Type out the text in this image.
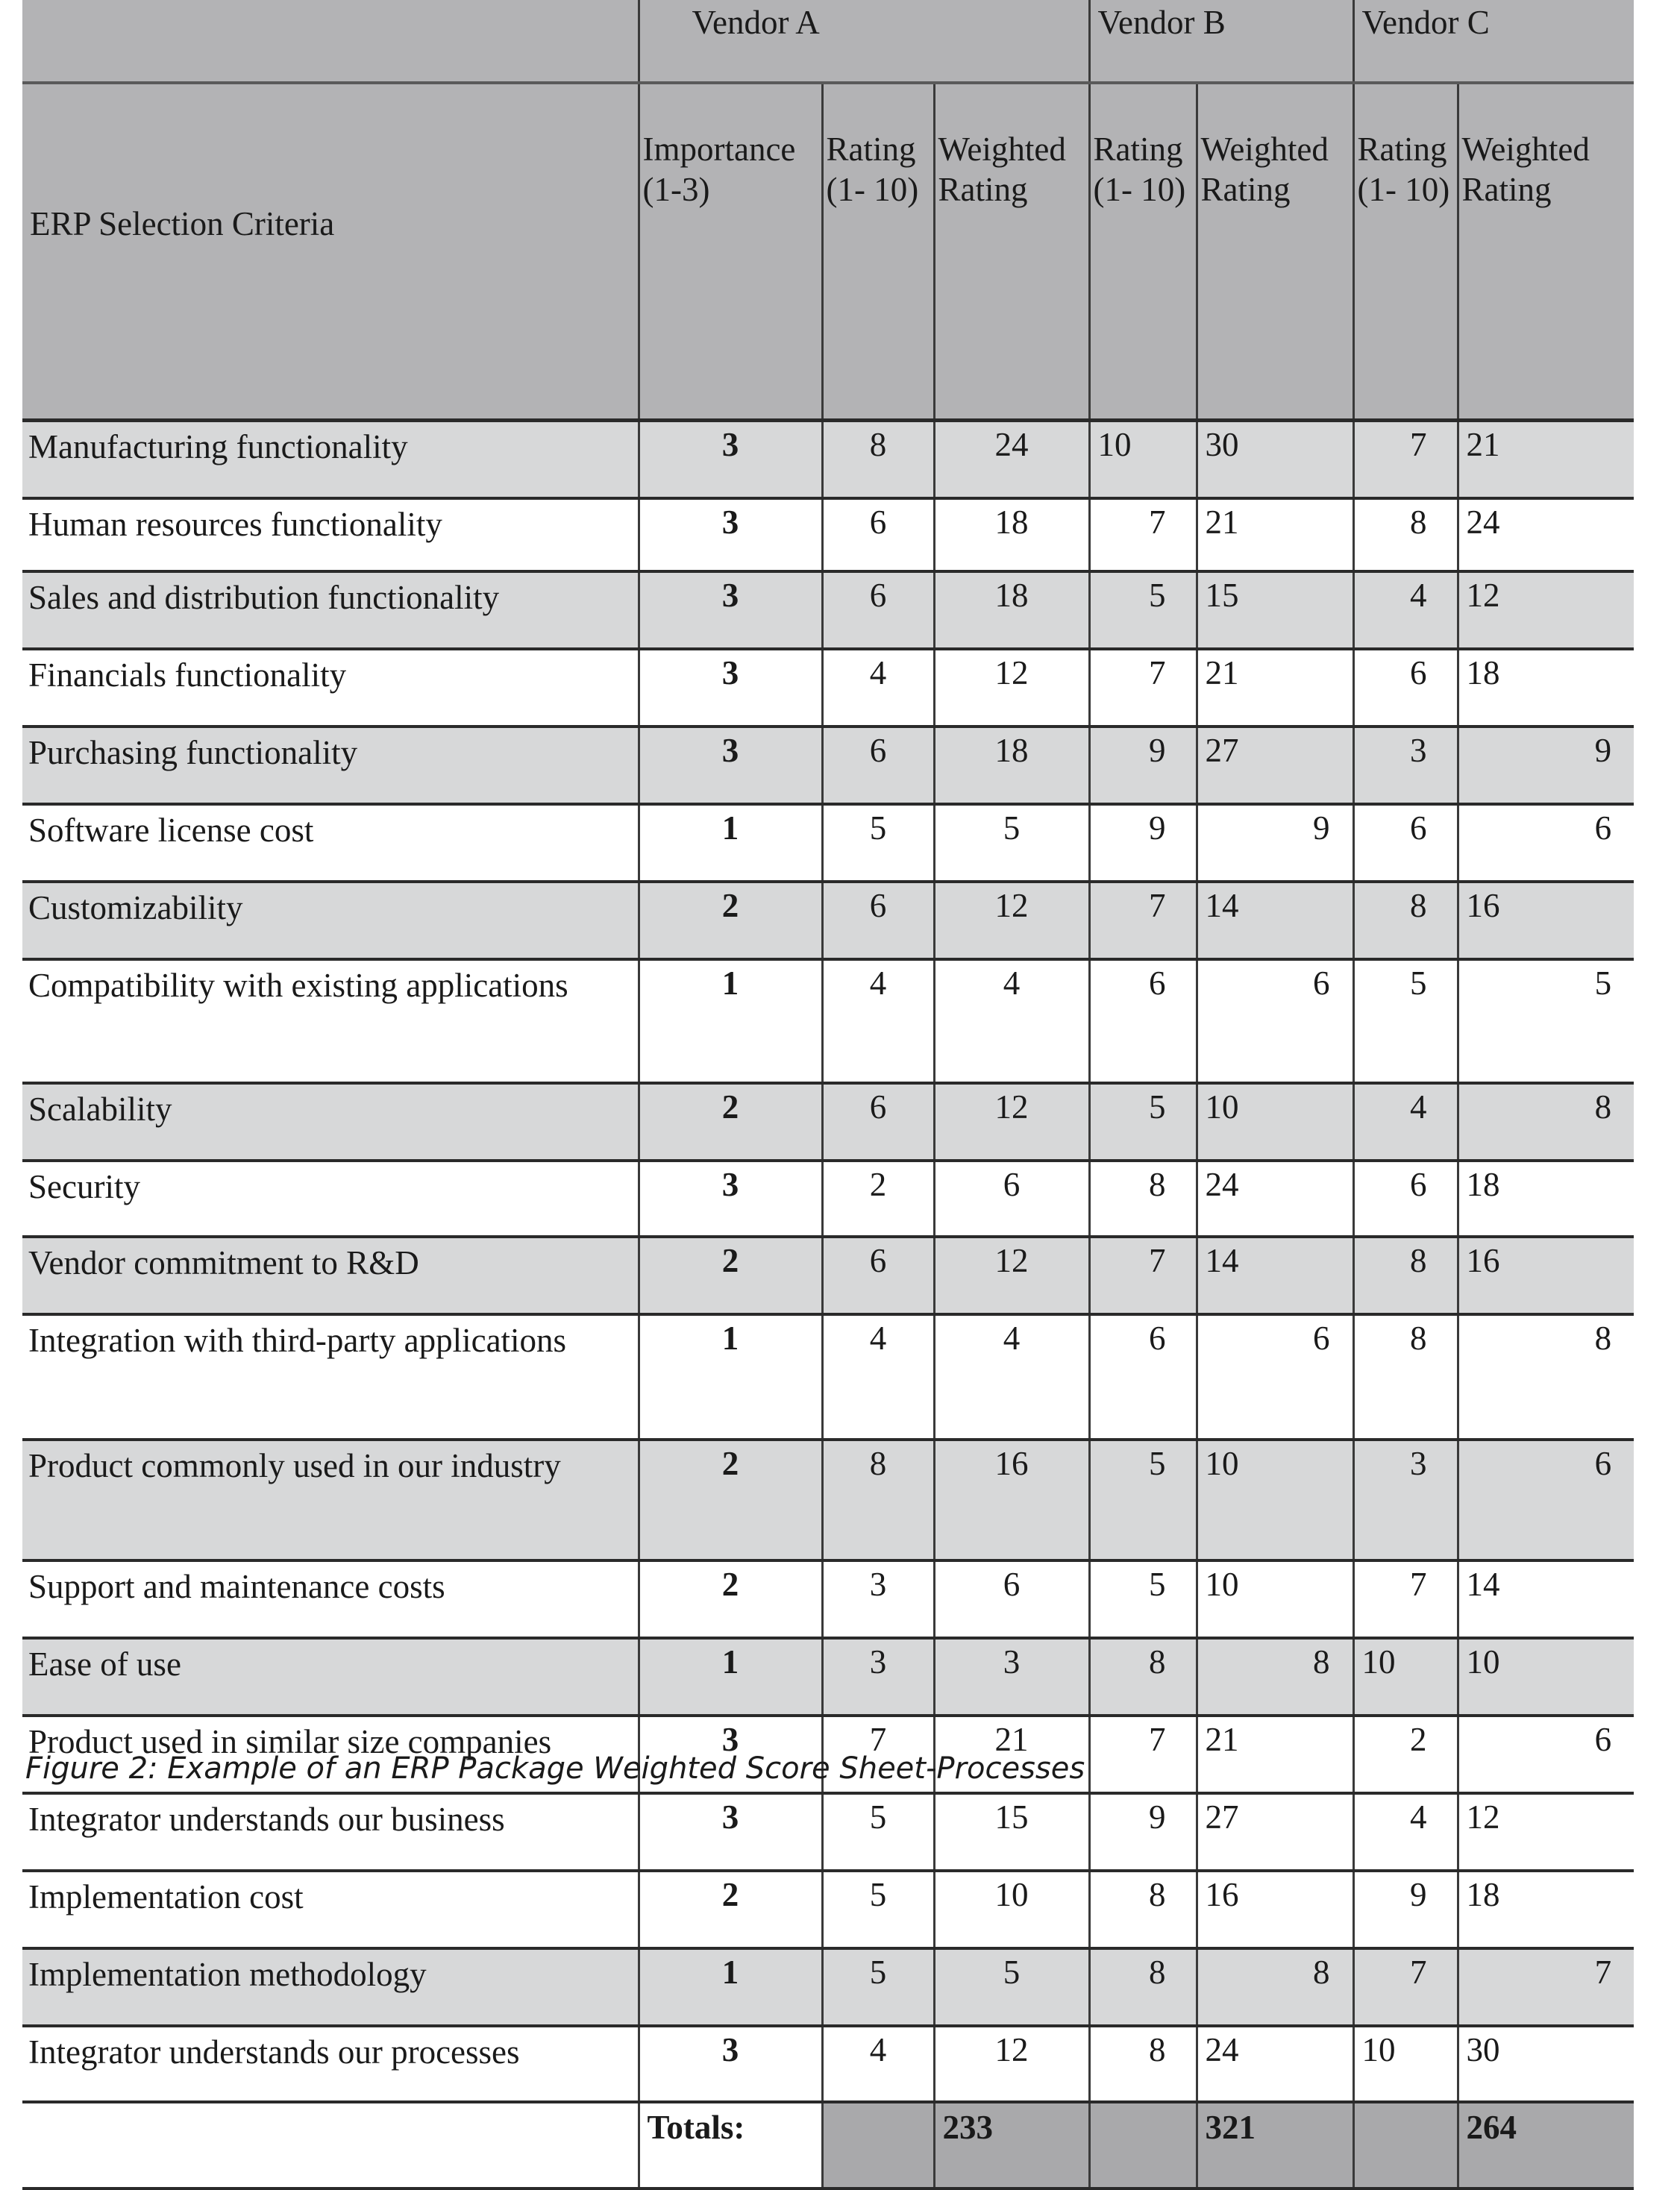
	Vendor A			Vendor B		Vendor C	
ERP Selection Criteria	Importance (1-3)	Rating (1- 10)	Weighted Rating	Rating (1- 10)	Weighted Rating	Rating (1- 10)	Weighted Rating
Manufacturing functionality	3	8	24	10	30	7	21
Human resources functionality	3	6	18	7	21	8	24
Sales and distribution functionality	3	6	18	5	15	4	12
Financials functionality	3	4	12	7	21	6	18
Purchasing functionality	3	6	18	9	27	3	9
Software license cost	1	5	5	9	9	6	6
Customizability	2	6	12	7	14	8	16
Compatibility with existing applications	1	4	4	6	6	5	5
Scalability	2	6	12	5	10	4	8
Security	3	2	6	8	24	6	18
Vendor commitment to R&D	2	6	12	7	14	8	16
Integration with third-party applications	1	4	4	6	6	8	8
Product commonly used in our industry	2	8	16	5	10	3	6
Support and maintenance costs	2	3	6	5	10	7	14
Ease of use	1	3	3	8	8	10	10
Product used in similar size companies	3	7	21	7	21	2	6
Integrator understands our business	3	5	15	9	27	4	12
Implementation cost	2	5	10	8	16	9	18
Implementation methodology	1	5	5	8	8	7	7
Integrator understands our processes	3	4	12	8	24	10	30
	Totals:		233		321		264
Figure 2: Example of an ERP Package Weighted Score Sheet-Processes
